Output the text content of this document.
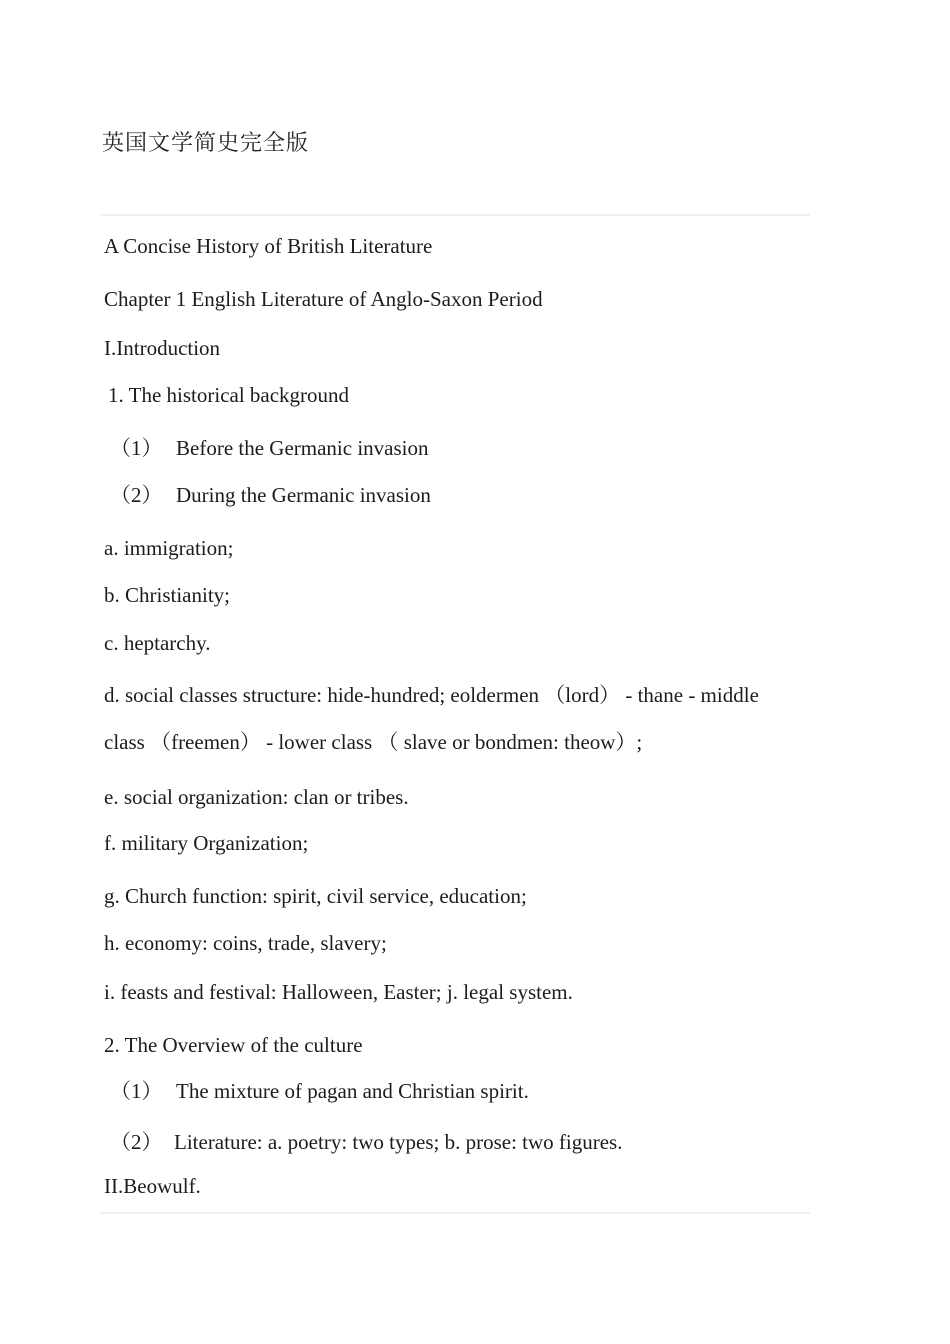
英国文学简史完全版
A Concise History of British Literature
Chapter 1 English Literature of Anglo-Saxon Period
I.Introduction
1. The historical background
（1） Before the Germanic invasion
（2） During the Germanic invasion
a. immigration;
b. Christianity;
c. heptarchy.
d. social classes structure: hide-hundred; eoldermen （lord） - thane - middle
class （freemen） - lower class （ slave or bondmen: theow）;
e. social organization: clan or tribes.
f. military Organization;
g. Church function: spirit, civil service, education;
h. economy: coins, trade, slavery;
i. feasts and festival: Halloween, Easter; j. legal system.
2. The Overview of the culture
（1） The mixture of pagan and Christian spirit.
（2） Literature: a. poetry: two types; b. prose: two figures.
II.Beowulf.
